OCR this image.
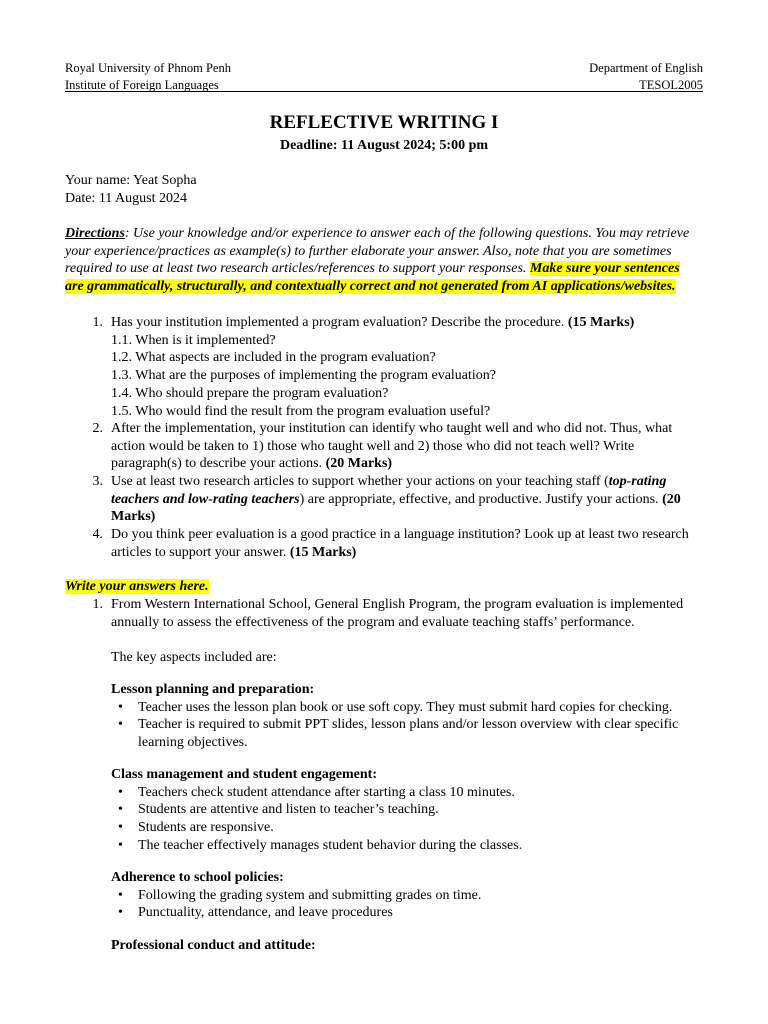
Royal University of Phnom Penh	Department of English
Institute of Foreign Languages	TESOL2005
REFLECTIVE WRITING I
Deadline: 11 August 2024; 5:00 pm
Your name: Yeat Sopha
Date: 11 August 2024
Directions: Use your knowledge and/or experience to answer each of the following questions. You may retrieve
your experience/practices as example(s) to further elaborate your answer. Also, note that you are sometimes
required to use at least two research articles/references to support your responses. Make sure your sentences
are grammatically, structurally, and contextually correct and not generated from AI applications/websites.
1. Has your institution implemented a program evaluation? Describe the procedure. (15 Marks)
1.1. When is it implemented?
1.2. What aspects are included in the program evaluation?
1.3. What are the purposes of implementing the program evaluation?
1.4. Who should prepare the program evaluation?
1.5. Who would find the result from the program evaluation useful?
2. After the implementation, your institution can identify who taught well and who did not. Thus, what
action would be taken to 1) those who taught well and 2) those who did not teach well? Write
paragraph(s) to describe your actions. (20 Marks)
3. Use at least two research articles to support whether your actions on your teaching staff (top-rating
teachers and low-rating teachers) are appropriate, effective, and productive. Justify your actions. (20
Marks)
4. Do you think peer evaluation is a good practice in a language institution? Look up at least two research
articles to support your answer. (15 Marks)
Write your answers here.
1. From Western International School, General English Program, the program evaluation is implemented
annually to assess the effectiveness of the program and evaluate teaching staffs’ performance.
The key aspects included are:
Lesson planning and preparation:
•	Teacher uses the lesson plan book or use soft copy. They must submit hard copies for checking.
•	Teacher is required to submit PPT slides, lesson plans and/or lesson overview with clear specific
learning objectives.
Class management and student engagement:
•	Teachers check student attendance after starting a class 10 minutes.
•	Students are attentive and listen to teacher’s teaching.
•	Students are responsive.
•	The teacher effectively manages student behavior during the classes.
Adherence to school policies:
•	Following the grading system and submitting grades on time.
•	Punctuality, attendance, and leave procedures
Professional conduct and attitude:
